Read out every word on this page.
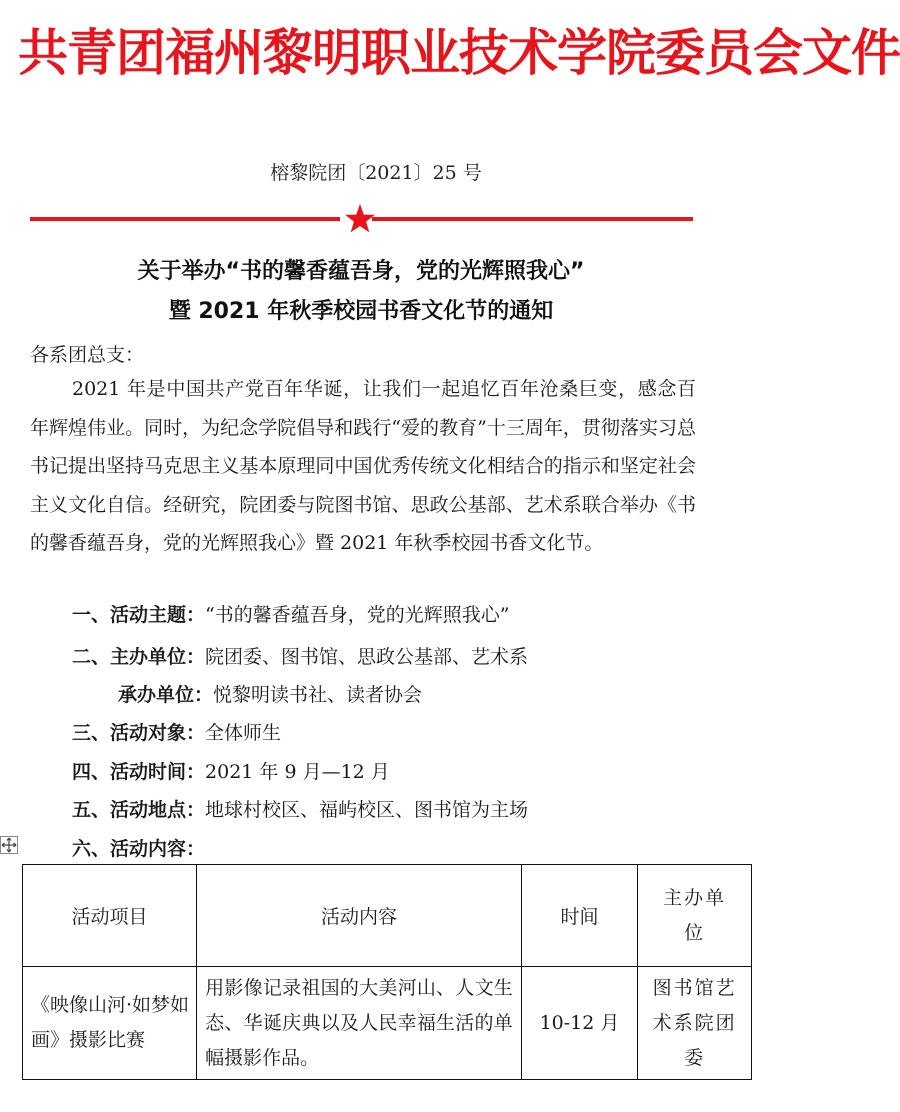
共青团福州黎明职业技术学院委员会文件
榕黎院团〔2021〕25 号
关于举办“书的馨香蕴吾身，党的光辉照我心”
暨 2021 年秋季校园书香文化节的通知
各系团总支：
2021 年是中国共产党百年华诞，让我们一起追忆百年沧桑巨变，感念百年辉煌伟业。同时，为纪念学院倡导和践行“爱的教育”十三周年，贯彻落实习总书记提出坚持马克思主义基本原理同中国优秀传统文化相结合的指示和坚定社会主义文化自信。经研究，院团委与院图书馆、思政公基部、艺术系联合举办《书的馨香蕴吾身，党的光辉照我心》暨 2021 年秋季校园书香文化节。
一、活动主题：“书的馨香蕴吾身，党的光辉照我心”
二、主办单位：院团委、图书馆、思政公基部、艺术系
承办单位：悦黎明读书社、读者协会
三、活动对象：全体师生
四、活动时间：2021 年 9 月—12 月
五、活动地点：地球村校区、福屿校区、图书馆为主场
六、活动内容：
活动项目	活动内容	时间	主办单位
《映像山河·如梦如画》摄影比赛	用影像记录祖国的大美河山、人文生态、华诞庆典以及人民幸福生活的单幅摄影作品。	10-12 月	图书馆艺术系院团委
